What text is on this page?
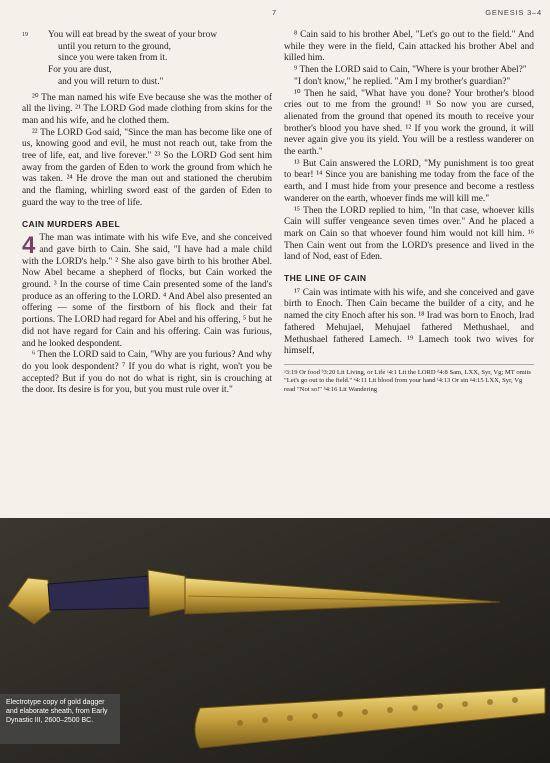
7	GENESIS 3–4
19 You will eat bread by the sweat of your brow
until you return to the ground,
since you were taken from it.
For you are dust,
and you will return to dust."

²⁰ The man named his wife Eve because she was the mother of all the living. ²¹ The LORD God made clothing from skins for the man and his wife, and he clothed them.

²² The LORD God said, "Since the man has become like one of us, knowing good and evil, he must not reach out, take from the tree of life, eat, and live forever." ²³ So the LORD God sent him away from the garden of Eden to work the ground from which he was taken. ²⁴ He drove the man out and stationed the cherubim and the flaming, whirling sword east of the garden of Eden to guard the way to the tree of life.

CAIN MURDERS ABEL

4 The man was intimate with his wife Eve, and she conceived and gave birth to Cain. She said, "I have had a male child with the LORD's help." ² She also gave birth to his brother Abel. Now Abel became a shepherd of flocks, but Cain worked the ground. ³ In the course of time Cain presented some of the land's produce as an offering to the LORD. ⁴ And Abel also presented an offering — some of the firstborn of his flock and their fat portions. The LORD had regard for Abel and his offering, ⁵ but he did not have regard for Cain and his offering. Cain was furious, and he looked despondent.

⁶ Then the LORD said to Cain, "Why are you furious? And why do you look despondent? ⁷ If you do what is right, won't you be accepted? But if you do not do what is right, sin is crouching at the door. Its desire is for you, but you must rule over it."

⁸ Cain said to his brother Abel, "Let's go out to the field." And while they were in the field, Cain attacked his brother Abel and killed him.

⁹ Then the LORD said to Cain, "Where is your brother Abel?"

"I don't know," he replied. "Am I my brother's guardian?"

¹⁰ Then he said, "What have you done? Your brother's blood cries out to me from the ground! ¹¹ So now you are cursed, alienated from the ground that opened its mouth to receive your brother's blood you have shed. ¹² If you work the ground, it will never again give you its yield. You will be a restless wanderer on the earth."

¹³ But Cain answered the LORD, "My punishment is too great to bear! ¹⁴ Since you are banishing me today from the face of the earth, and I must hide from your presence and become a restless wanderer on the earth, whoever finds me will kill me."

¹⁵ Then the LORD replied to him, "In that case, whoever kills Cain will suffer vengeance seven times over." And he placed a mark on Cain so that whoever found him would not kill him. ¹⁶ Then Cain went out from the LORD's presence and lived in the land of Nod, east of Eden.

THE LINE OF CAIN

¹⁷ Cain was intimate with his wife, and she conceived and gave birth to Enoch. Then Cain became the builder of a city, and he named the city Enoch after his son. ¹⁸ Irad was born to Enoch, Irad fathered Mehujael, Mehujael fathered Methushael, and Methushael fathered Lamech. ¹⁹ Lamech took two wives for himself,

ᵃ3:19 Or food ᵇ3:20 Lit Living, or Life ᶜ4:1 Lit the LORD ᵈ4:8 Sam, LXX, Syr, Vg; MT omits "Let's go out to the field." ᵉ4:11 Lit blood from your hand ᶠ4:13 Or sin ᵍ4:15 LXX, Syr, Vg read "Not so!" ʰ4:16 Lit Wandering
Electrotype copy of gold dagger and elaborate sheath, from Early Dynastic III, 2600–2500 BC.
